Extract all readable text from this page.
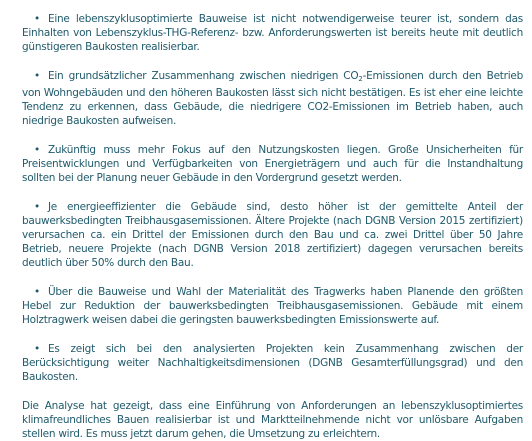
• Eine lebenszyklusoptimierte Bauweise ist nicht notwendigerweise teurer ist, sondern das Einhalten von Lebenszyklus-THG-Referenz- bzw. Anforderungswerten ist bereits heute mit deutlich günstigeren Baukosten realisierbar.

• Ein grundsätzlicher Zusammenhang zwischen niedrigen $CO_2$-Emissionen durch den Betrieb von Wohngebäuden und den höheren Baukosten lässt sich nicht bestätigen. Es ist eher eine leichte Tendenz zu erkennen, dass Gebäude, die niedrigere CO2-Emissionen im Betrieb haben, auch niedrige Baukosten aufweisen.

• Zukünftig muss mehr Fokus auf den Nutzungskosten liegen. Große Unsicherheiten für Preisentwicklungen und Verfügbarkeiten von Energieträgern und auch für die Instandhaltung sollten bei der Planung neuer Gebäude in den Vordergrund gesetzt werden.

• Je energieeffizienter die Gebäude sind, desto höher ist der gemittelte Anteil der bauwerksbedingten Treibhausgasemissionen. Ältere Projekte (nach DGNB Version 2015 zertifiziert) verursachen ca. ein Drittel der Emissionen durch den Bau und ca. zwei Drittel über 50 Jahre Betrieb, neuere Projekte (nach DGNB Version 2018 zertifiziert) dagegen verursachen bereits deutlich über 50% durch den Bau.

• Über die Bauweise und Wahl der Materialität des Tragwerks haben Planende den größten Hebel zur Reduktion der bauwerksbedingten Treibhausgasemissionen. Gebäude mit einem Holztragwerk weisen dabei die geringsten bauwerksbedingten Emissionswerte auf.

• Es zeigt sich bei den analysierten Projekten kein Zusammenhang zwischen der Berücksichtigung weiter Nachhaltigkeitsdimensionen (DGNB Gesamterfüllungsgrad) und den Baukosten.

Die Analyse hat gezeigt, dass eine Einführung von Anforderungen an lebenszyklusoptimiertes klimafreundliches Bauen realisierbar ist und Marktteilnehmende nicht vor unlösbare Aufgaben stellen wird. Es muss jetzt darum gehen, die Umsetzung zu erleichtern.
